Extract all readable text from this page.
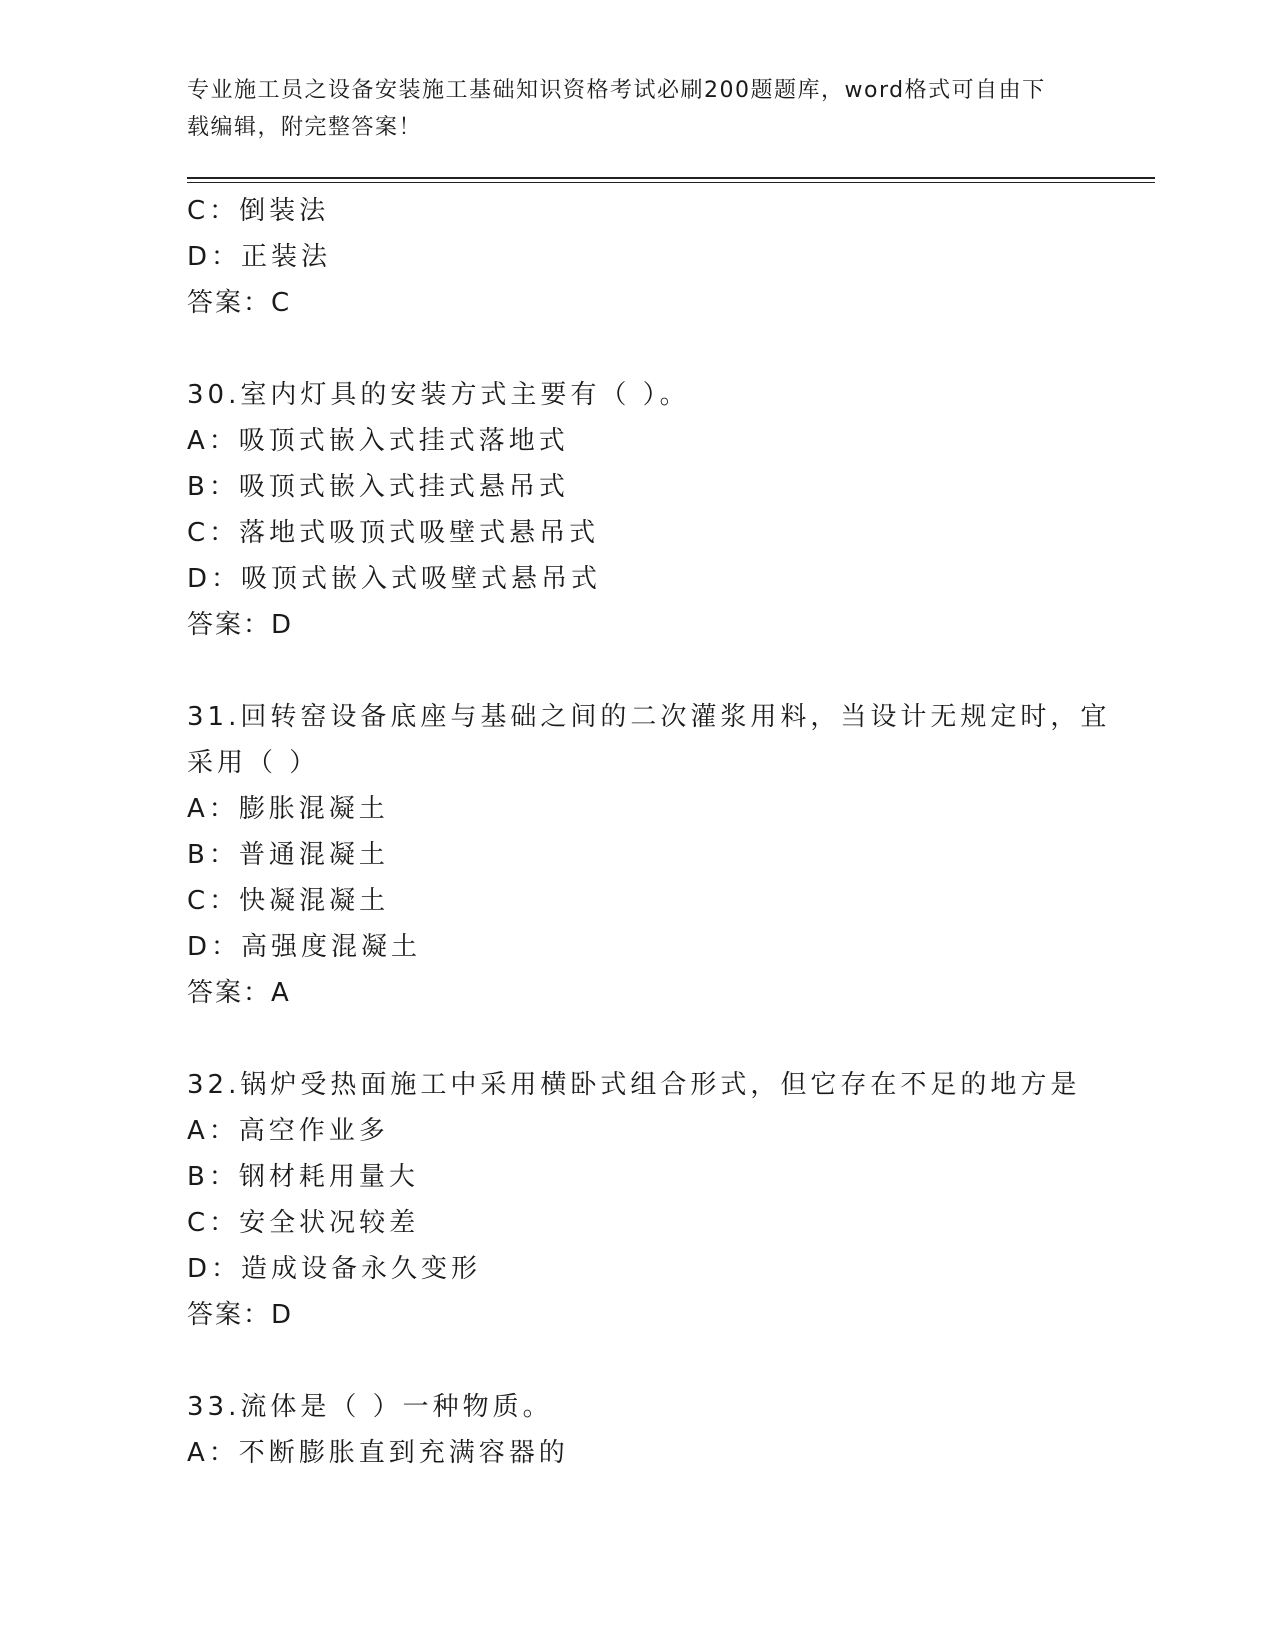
专业施工员之设备安装施工基础知识资格考试必刷200题题库，word格式可自由下载编辑，附完整答案！
C：倒装法
D：正装法
答案：C
30.室内灯具的安装方式主要有（ ）。
A：吸顶式嵌入式挂式落地式
B：吸顶式嵌入式挂式悬吊式
C：落地式吸顶式吸壁式悬吊式
D：吸顶式嵌入式吸壁式悬吊式
答案：D
31.回转窑设备底座与基础之间的二次灌浆用料，当设计无规定时，宜
采用（ ）
A：膨胀混凝土
B：普通混凝土
C：快凝混凝土
D：高强度混凝土
答案：A
32.锅炉受热面施工中采用横卧式组合形式，但它存在不足的地方是
A：高空作业多
B：钢材耗用量大
C：安全状况较差
D：造成设备永久变形
答案：D
33.流体是（ ）一种物质。
A：不断膨胀直到充满容器的
